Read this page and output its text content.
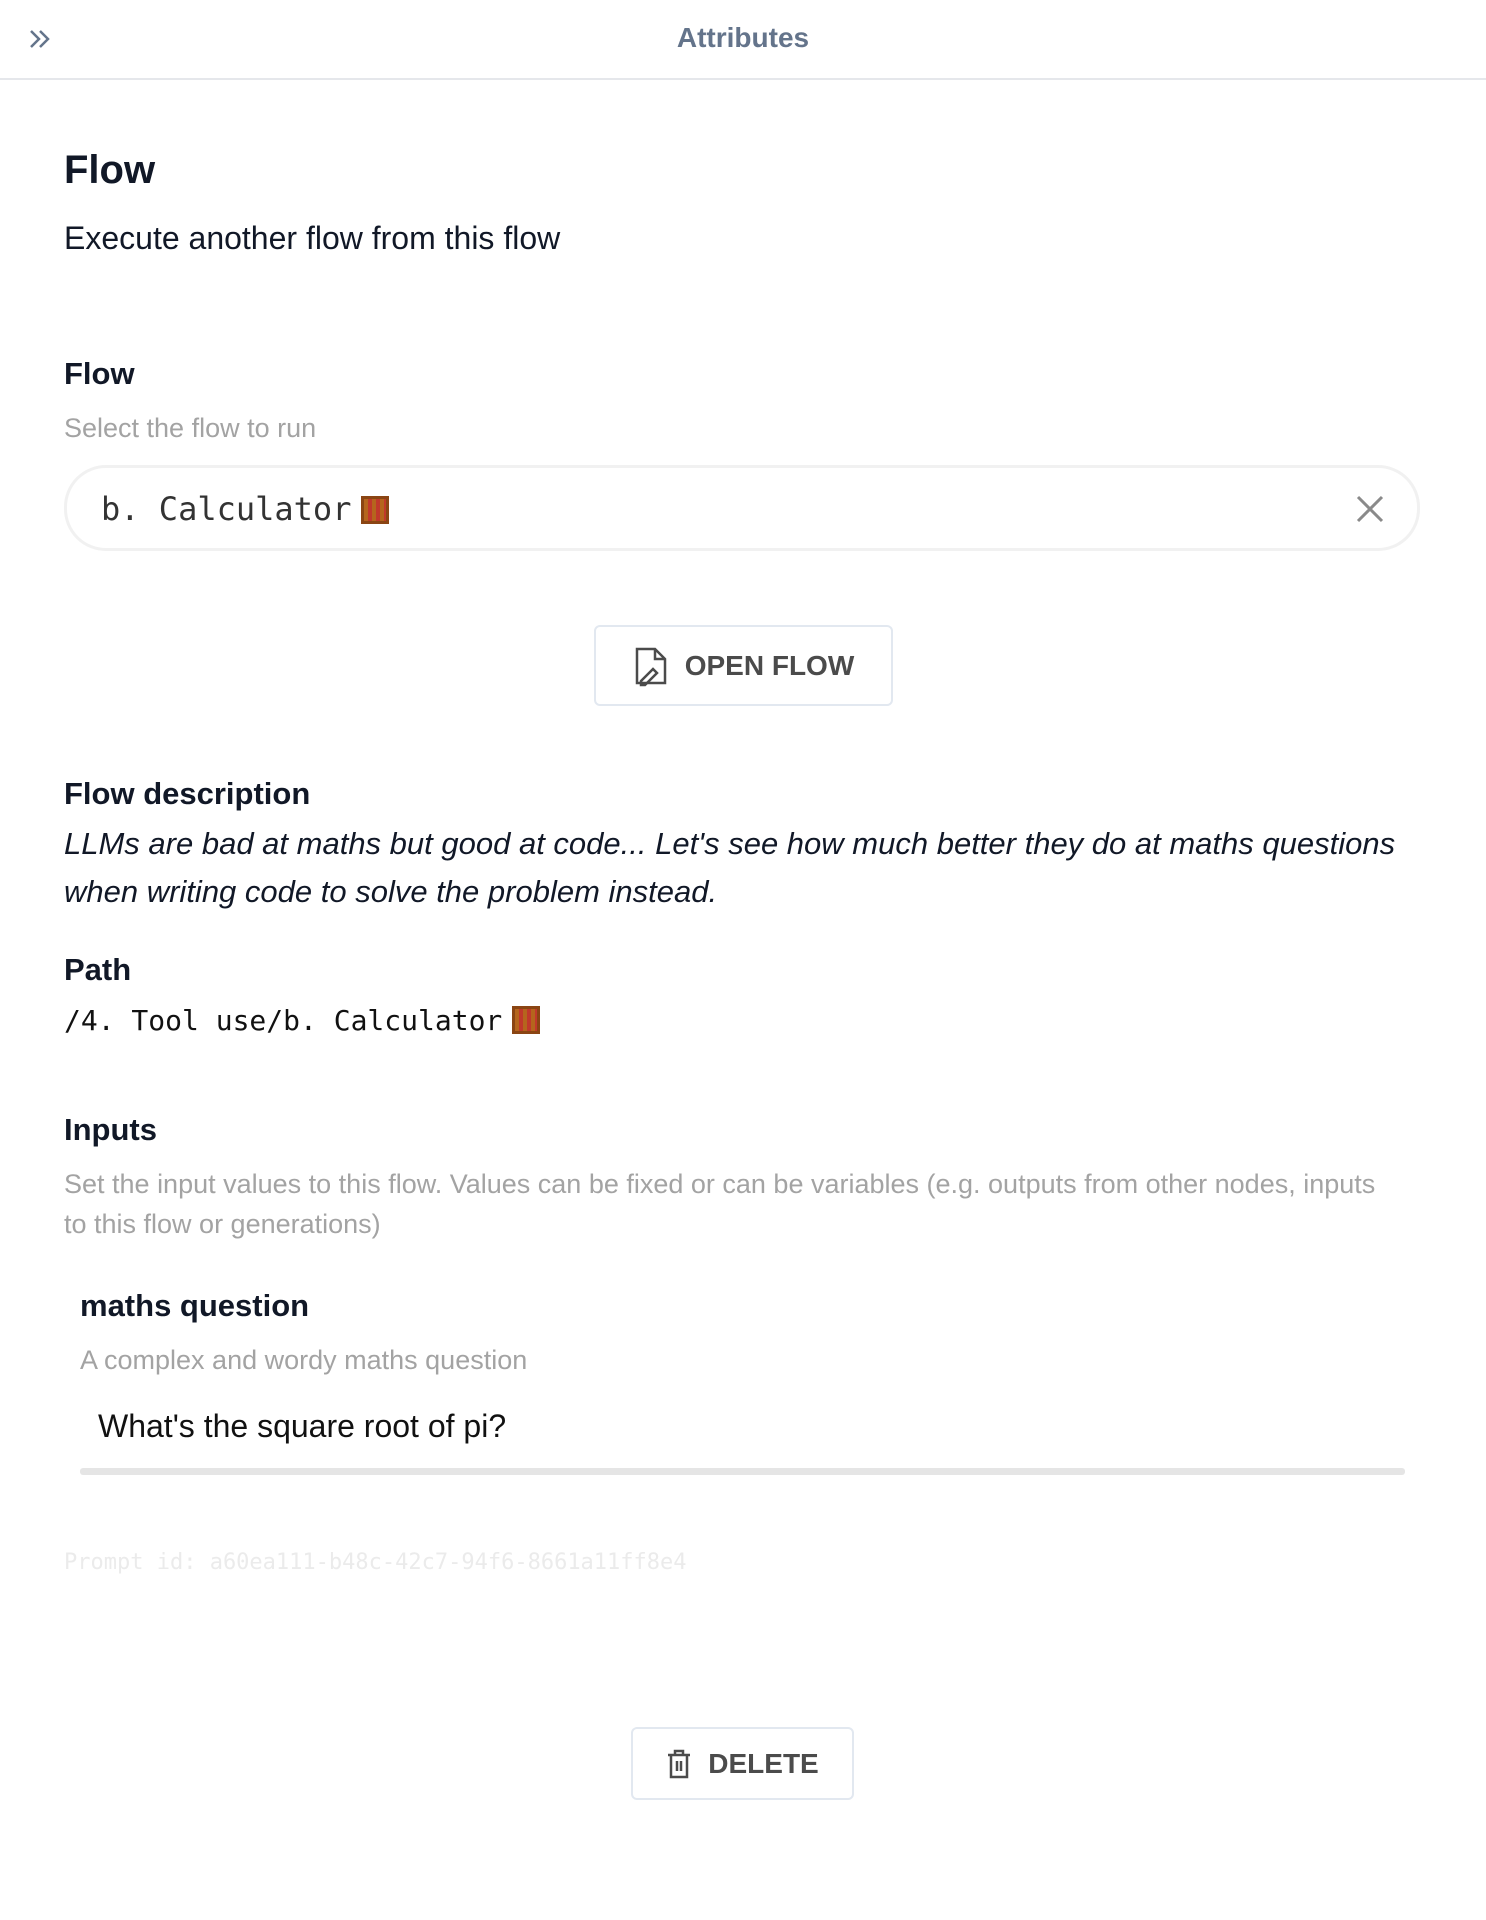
Attributes
Flow
Execute another flow from this flow
Flow
Select the flow to run
b. Calculator
OPEN FLOW
Flow description
LLMs are bad at maths but good at code... Let's see how much better they do at maths questions when writing code to solve the problem instead.
Path
/4. Tool use/b. Calculator
Inputs
Set the input values to this flow. Values can be fixed or can be variables (e.g. outputs from other nodes, inputs to this flow or generations)
maths question
A complex and wordy maths question
What's the square root of pi?
Prompt id: a60ea111-b48c-42c7-94f6-8661a11ff8e4
DELETE
